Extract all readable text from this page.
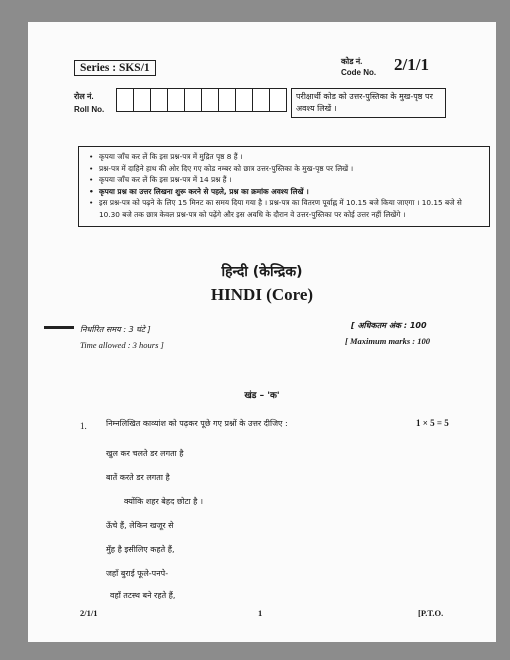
Series : SKS/1
कोड नं.
Code No. 2/1/1
रोल नं.
Roll No.
परीक्षार्थी कोड को उत्तर-पुस्तिका के मुख-पृष्ठ पर अवश्य लिखें ।
• कृपया जाँच कर लें कि इस प्रश्न-पत्र में मुद्रित पृष्ठ 8 हैं ।
• प्रश्न-पत्र में दाहिने हाथ की ओर दिए गए कोड नम्बर को छात्र उत्तर-पुस्तिका के मुख-पृष्ठ पर लिखें ।
• कृपया जाँच कर लें कि इस प्रश्न-पत्र में 14 प्रश्न हैं ।
• कृपया प्रश्न का उत्तर लिखना शुरू करने से पहले, प्रश्न का क्रमांक अवश्य लिखें ।
• इस प्रश्न-पत्र को पढ़ने के लिए 15 मिनट का समय दिया गया है । प्रश्न-पत्र का वितरण पूर्वाह्न में 10.15 बजे किया जाएगा । 10.15 बजे से 10.30 बजे तक छात्र केवल प्रश्न-पत्र को पढ़ेंगे और इस अवधि के दौरान वे उत्तर-पुस्तिका पर कोई उत्तर नहीं लिखेंगे ।
हिन्दी (केन्द्रिक)
HINDI (Core)
निर्धारित समय : 3 घंटे ]
Time allowed : 3 hours ]
[ अधिकतम अंक : 100
[ Maximum marks : 100
खंड – 'क'
1. निम्नलिखित काव्यांश को पढ़कर पूछे गए प्रश्नों के उत्तर दीजिए :	1 × 5 = 5
खुल कर चलते डर लगता है
बातें करते डर लगता है
क्योंकि शहर बेहद छोटा है ।
ऊँचे हैं, लेकिन खजूर से
मुँह है इसीलिए कहते हैं,
जहाँ बुराई फूले-पनपे-
वहाँ तटस्थ बने रहते हैं,
2/1/1	1	[P.T.O.
